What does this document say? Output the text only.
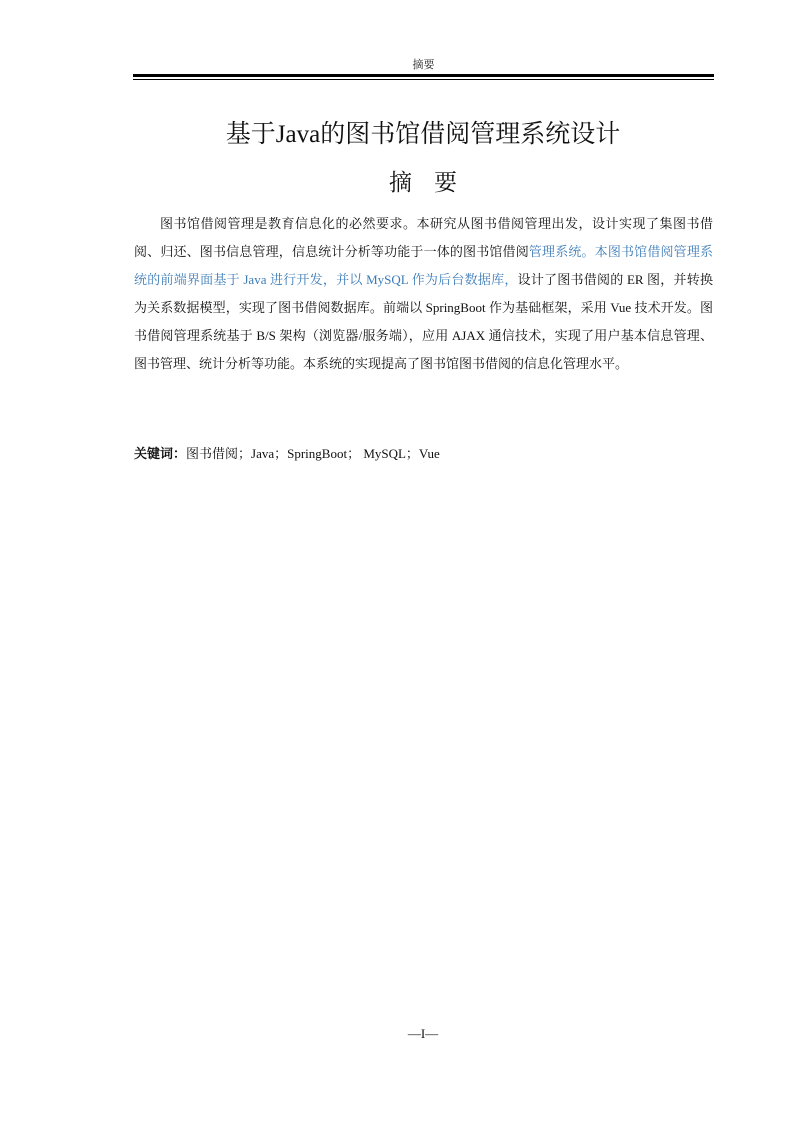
摘要
基于Java的图书馆借阅管理系统设计
摘要
图书馆借阅管理是教育信息化的必然要求。本研究从图书借阅管理出发，设计实现了集图书借阅、归还、图书信息管理，信息统计分析等功能于一体的图书馆借阅管理系统。本图书馆借阅管理系统的前端界面基于 Java 进行开发，并以 MySQL 作为后台数据库，设计了图书借阅的 ER 图，并转换为关系数据模型，实现了图书借阅数据库。前端以 SpringBoot 作为基础框架，采用 Vue 技术开发。图书借阅管理系统基于 B/S 架构（浏览器/服务端），应用 AJAX 通信技术，实现了用户基本信息管理、图书管理、统计分析等功能。本系统的实现提高了图书馆图书借阅的信息化管理水平。
关键词：图书借阅；Java；SpringBoot； MySQL；Vue
—I—
